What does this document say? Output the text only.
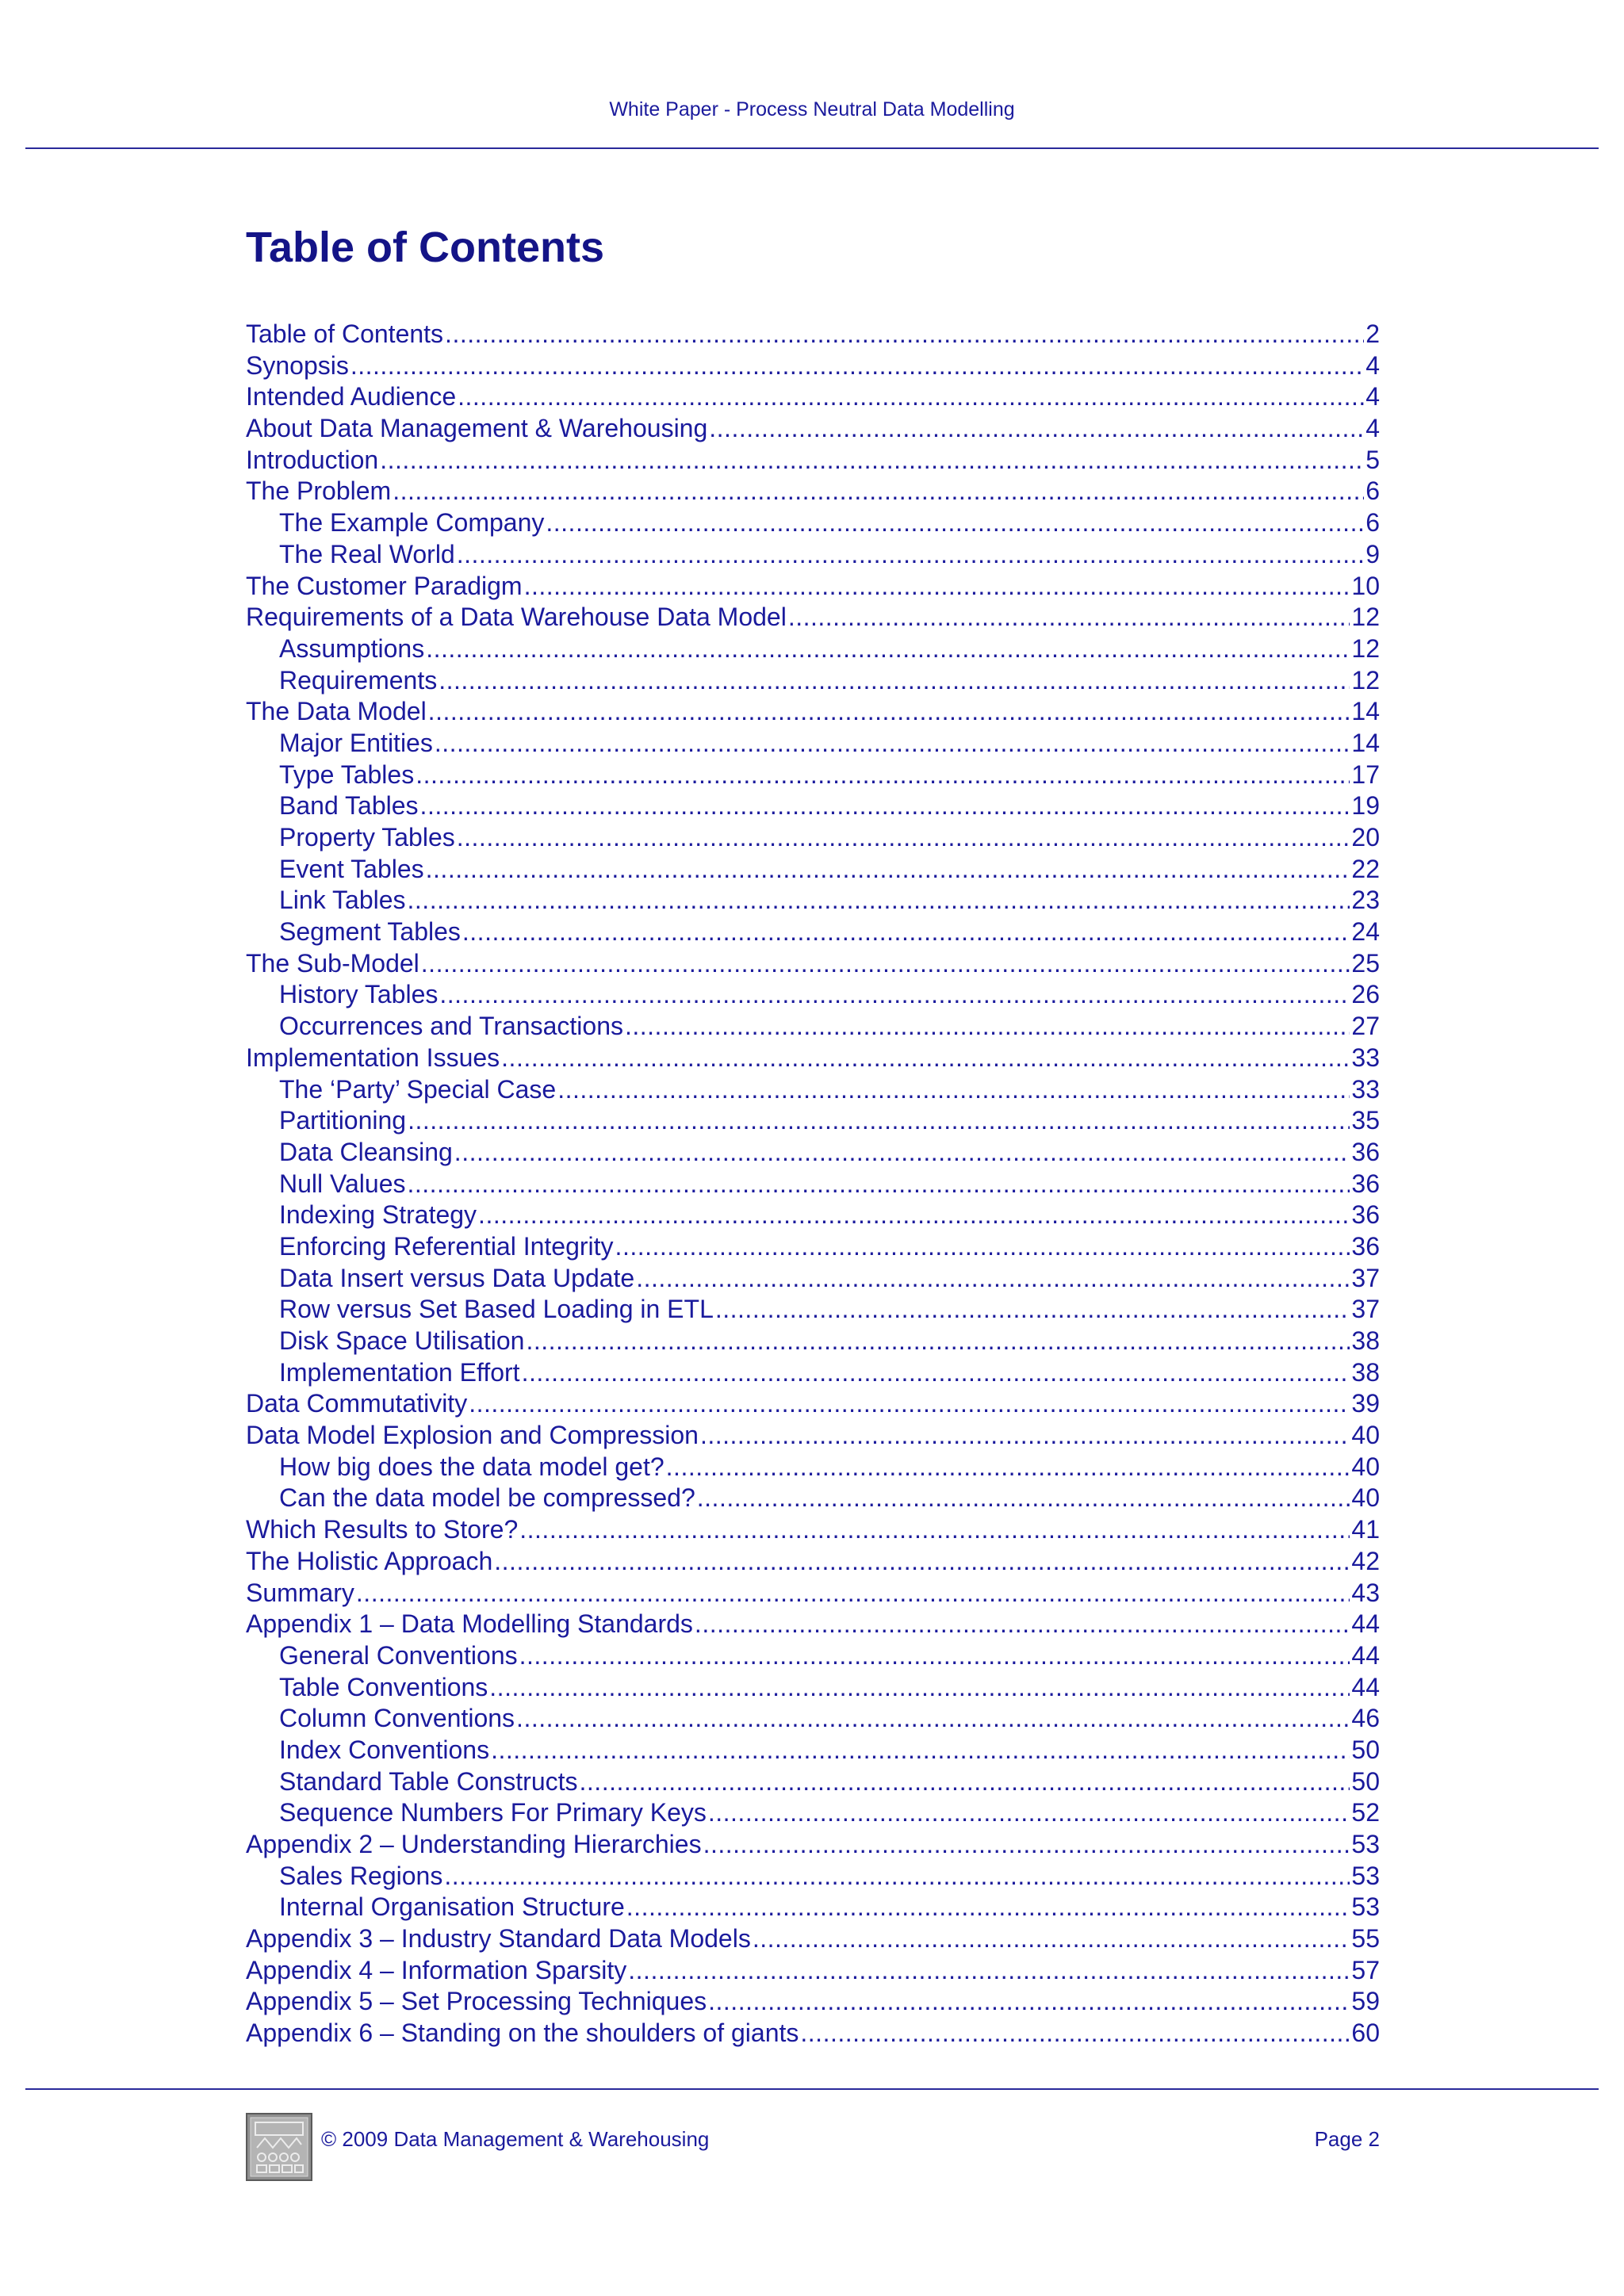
White Paper - Process Neutral Data Modelling
Table of Contents
Table of Contents .....	2
Synopsis .....	4
Intended Audience .....	4
About Data Management & Warehousing .....	4
Introduction .....	5
The Problem .....	6
The Example Company .....	6
The Real World .....	9
The Customer Paradigm .....	10
Requirements of a Data Warehouse Data Model .....	12
Assumptions .....	12
Requirements .....	12
The Data Model .....	14
Major Entities .....	14
Type Tables .....	17
Band Tables .....	19
Property Tables .....	20
Event Tables .....	22
Link Tables .....	23
Segment Tables .....	24
The Sub-Model .....	25
History Tables .....	26
Occurrences and Transactions .....	27
Implementation Issues .....	33
The ‘Party’ Special Case .....	33
Partitioning .....	35
Data Cleansing .....	36
Null Values .....	36
Indexing Strategy .....	36
Enforcing Referential Integrity .....	36
Data Insert versus Data Update .....	37
Row versus Set Based Loading in ETL .....	37
Disk Space Utilisation .....	38
Implementation Effort .....	38
Data Commutativity .....	39
Data Model Explosion and Compression .....	40
How big does the data model get? .....	40
Can the data model be compressed? .....	40
Which Results to Store? .....	41
The Holistic Approach .....	42
Summary .....	43
Appendix 1 – Data Modelling Standards .....	44
General Conventions .....	44
Table Conventions .....	44
Column Conventions .....	46
Index Conventions .....	50
Standard Table Constructs .....	50
Sequence Numbers For Primary Keys .....	52
Appendix 2 – Understanding Hierarchies .....	53
Sales Regions .....	53
Internal Organisation Structure .....	53
Appendix 3 – Industry Standard Data Models .....	55
Appendix 4 – Information Sparsity .....	57
Appendix 5 – Set Processing Techniques .....	59
Appendix 6 – Standing on the shoulders of giants .....	60
© 2009 Data Management & Warehousing	Page 2
